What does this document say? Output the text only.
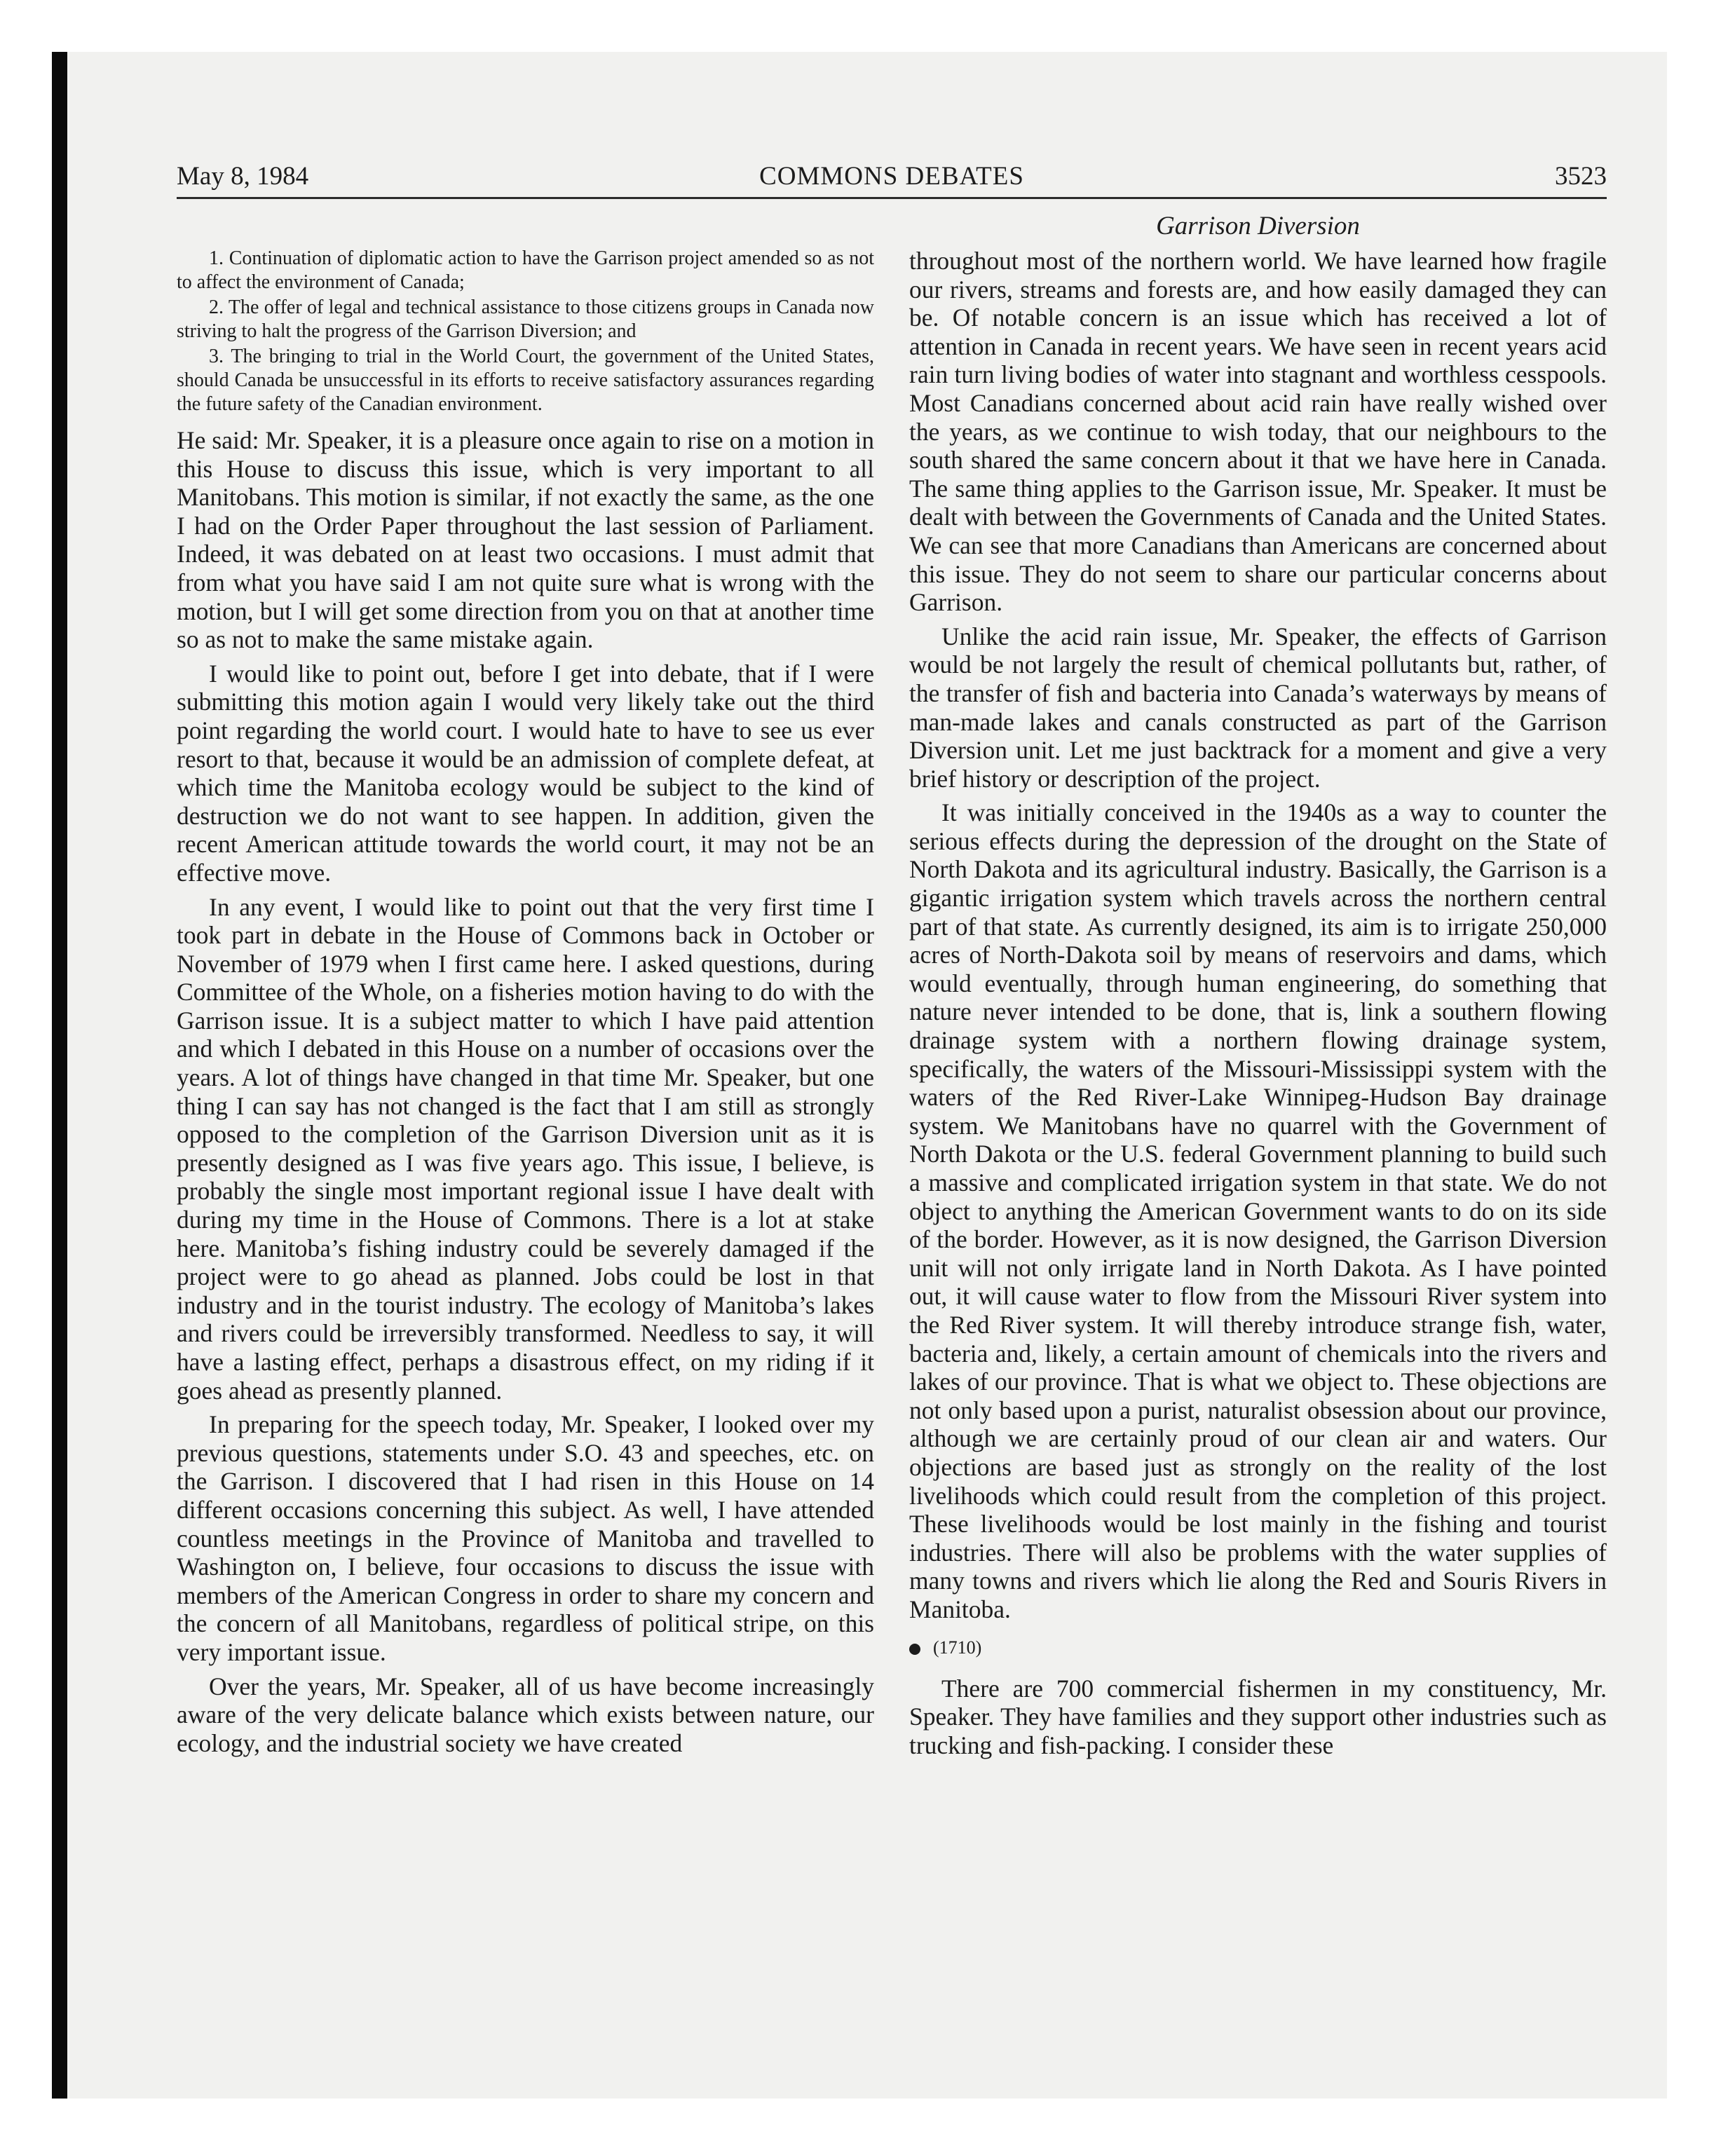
COMMONS DEBATES
May 8, 1984	3523

1. Continuation of diplomatic action to have the Garrison project amended so as not to affect the environment of Canada;

2. The offer of legal and technical assistance to those citizens groups in Canada now striving to halt the progress of the Garrison Diversion; and

3. The bringing to trial in the World Court, the government of the United States, should Canada be unsuccessful in its efforts to receive satisfactory assurances regarding the future safety of the Canadian environment.

He said: Mr. Speaker, it is a pleasure once again to rise on a motion in this House to discuss this issue, which is very important to all Manitobans. This motion is similar, if not exactly the same, as the one I had on the Order Paper throughout the last session of Parliament. Indeed, it was debated on at least two occasions. I must admit that from what you have said I am not quite sure what is wrong with the motion, but I will get some direction from you on that at another time so as not to make the same mistake again.

I would like to point out, before I get into debate, that if I were submitting this motion again I would very likely take out the third point regarding the world court. I would hate to have to see us ever resort to that, because it would be an admission of complete defeat, at which time the Manitoba ecology would be subject to the kind of destruction we do not want to see happen. In addition, given the recent American attitude towards the world court, it may not be an effective move.

In any event, I would like to point out that the very first time I took part in debate in the House of Commons back in October or November of 1979 when I first came here. I asked questions, during Committee of the Whole, on a fisheries motion having to do with the Garrison issue. It is a subject matter to which I have paid attention and which I debated in this House on a number of occasions over the years. A lot of things have changed in that time Mr. Speaker, but one thing I can say has not changed is the fact that I am still as strongly opposed to the completion of the Garrison Diversion unit as it is presently designed as I was five years ago. This issue, I believe, is probably the single most important regional issue I have dealt with during my time in the House of Commons. There is a lot at stake here. Manitoba’s fishing industry could be severely damaged if the project were to go ahead as planned. Jobs could be lost in that industry and in the tourist industry. The ecology of Manitoba’s lakes and rivers could be irreversibly transformed. Needless to say, it will have a lasting effect, perhaps a disastrous effect, on my riding if it goes ahead as presently planned.

In preparing for the speech today, Mr. Speaker, I looked over my previous questions, statements under S.O. 43 and speeches, etc. on the Garrison. I discovered that I had risen in this House on 14 different occasions concerning this subject. As well, I have attended countless meetings in the Province of Manitoba and travelled to Washington on, I believe, four occasions to discuss the issue with members of the American Congress in order to share my concern and the concern of all Manitobans, regardless of political stripe, on this very important issue.

Over the years, Mr. Speaker, all of us have become increasingly aware of the very delicate balance which exists between nature, our ecology, and the industrial society we have created

Garrison Diversion

throughout most of the northern world. We have learned how fragile our rivers, streams and forests are, and how easily damaged they can be. Of notable concern is an issue which has received a lot of attention in Canada in recent years. We have seen in recent years acid rain turn living bodies of water into stagnant and worthless cesspools. Most Canadians concerned about acid rain have really wished over the years, as we continue to wish today, that our neighbours to the south shared the same concern about it that we have here in Canada. The same thing applies to the Garrison issue, Mr. Speaker. It must be dealt with between the Governments of Canada and the United States. We can see that more Canadians than Americans are concerned about this issue. They do not seem to share our particular concerns about Garrison.

Unlike the acid rain issue, Mr. Speaker, the effects of Garrison would be not largely the result of chemical pollutants but, rather, of the transfer of fish and bacteria into Canada’s waterways by means of man-made lakes and canals constructed as part of the Garrison Diversion unit. Let me just backtrack for a moment and give a very brief history or description of the project.

It was initially conceived in the 1940s as a way to counter the serious effects during the depression of the drought on the State of North Dakota and its agricultural industry. Basically, the Garrison is a gigantic irrigation system which travels across the northern central part of that state. As currently designed, its aim is to irrigate 250,000 acres of North-Dakota soil by means of reservoirs and dams, which would eventually, through human engineering, do something that nature never intended to be done, that is, link a southern flowing drainage system with a northern flowing drainage system, specifically, the waters of the Missouri-Mississippi system with the waters of the Red River-Lake Winnipeg-Hudson Bay drainage system. We Manitobans have no quarrel with the Government of North Dakota or the U.S. federal Government planning to build such a massive and complicated irrigation system in that state. We do not object to anything the American Government wants to do on its side of the border. However, as it is now designed, the Garrison Diversion unit will not only irrigate land in North Dakota. As I have pointed out, it will cause water to flow from the Missouri River system into the Red River system. It will thereby introduce strange fish, water, bacteria and, likely, a certain amount of chemicals into the rivers and lakes of our province. That is what we object to. These objections are not only based upon a purist, naturalist obsession about our province, although we are certainly proud of our clean air and waters. Our objections are based just as strongly on the reality of the lost livelihoods which could result from the completion of this project. These livelihoods would be lost mainly in the fishing and tourist industries. There will also be problems with the water supplies of many towns and rivers which lie along the Red and Souris Rivers in Manitoba.

(1710)

There are 700 commercial fishermen in my constituency, Mr. Speaker. They have families and they support other industries such as trucking and fish-packing. I consider these
